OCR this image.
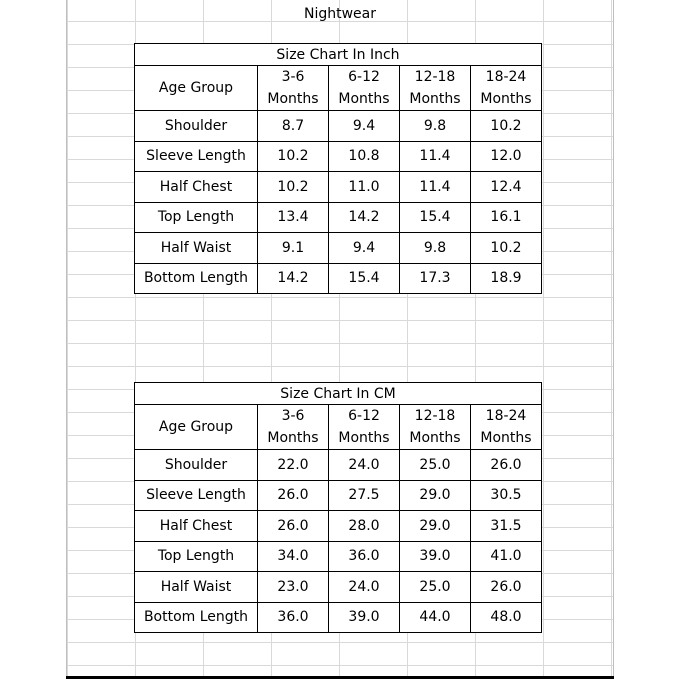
Nightwear
Size Chart In Inch				
Age Group	3-6	6-12	12-18	18-24
	Months	Months	Months	Months
Shoulder	8.7	9.4	9.8	10.2
Sleeve Length	10.2	10.8	11.4	12.0
Half Chest	10.2	11.0	11.4	12.4
Top Length	13.4	14.2	15.4	16.1
Half Waist	9.1	9.4	9.8	10.2
Bottom Length	14.2	15.4	17.3	18.9
Size Chart In CM				
Age Group	3-6	6-12	12-18	18-24
	Months	Months	Months	Months
Shoulder	22.0	24.0	25.0	26.0
Sleeve Length	26.0	27.5	29.0	30.5
Half Chest	26.0	28.0	29.0	31.5
Top Length	34.0	36.0	39.0	41.0
Half Waist	23.0	24.0	25.0	26.0
Bottom Length	36.0	39.0	44.0	48.0
